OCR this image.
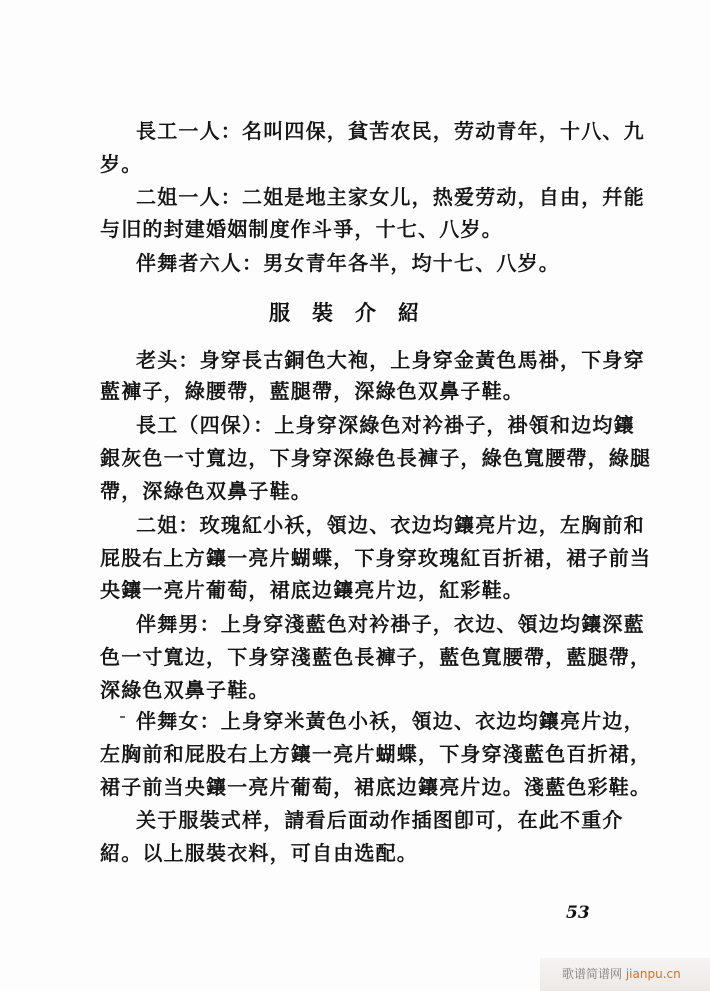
長工一人：名叫四保，貧苦农民，劳动青年，十八、九
岁。
二姐一人：二姐是地主家女儿，热爱劳动，自由，幷能
与旧的封建婚姻制度作斗爭，十七、八岁。
伴舞者六人：男女青年各半，均十七、八岁。
服裝介紹
老头：身穿長古銅色大袍，上身穿金黃色馬褂，下身穿
藍褲子，綠腰帶，藍腿帶，深綠色双鼻子鞋。
長工（四保）：上身穿深綠色对衿褂子，褂領和边均鑲
銀灰色一寸寬边，下身穿深綠色長褲子，綠色寬腰帶，綠腿
帶，深綠色双鼻子鞋。
二姐：玫瑰紅小袄，領边、衣边均鑲亮片边，左胸前和
屁股右上方鑲一亮片蝴蝶，下身穿玫瑰紅百折裙，裙子前当
央鑲一亮片葡萄，裙底边鑲亮片边，紅彩鞋。
伴舞男：上身穿淺藍色对衿褂子，衣边、領边均鑲深藍
色一寸寬边，下身穿淺藍色長褲子，藍色寬腰帶，藍腿帶，
深綠色双鼻子鞋。
伴舞女：上身穿米黃色小袄，領边、衣边均鑲亮片边，
左胸前和屁股右上方鑲一亮片蝴蝶，下身穿淺藍色百折裙，
裙子前当央鑲一亮片葡萄，裙底边鑲亮片边。淺藍色彩鞋。
关于服裝式样，請看后面动作插图卽可，在此不重介
紹。以上服裝衣料，可自由选配。
53
歌谱简谱网 jianpu.cn
